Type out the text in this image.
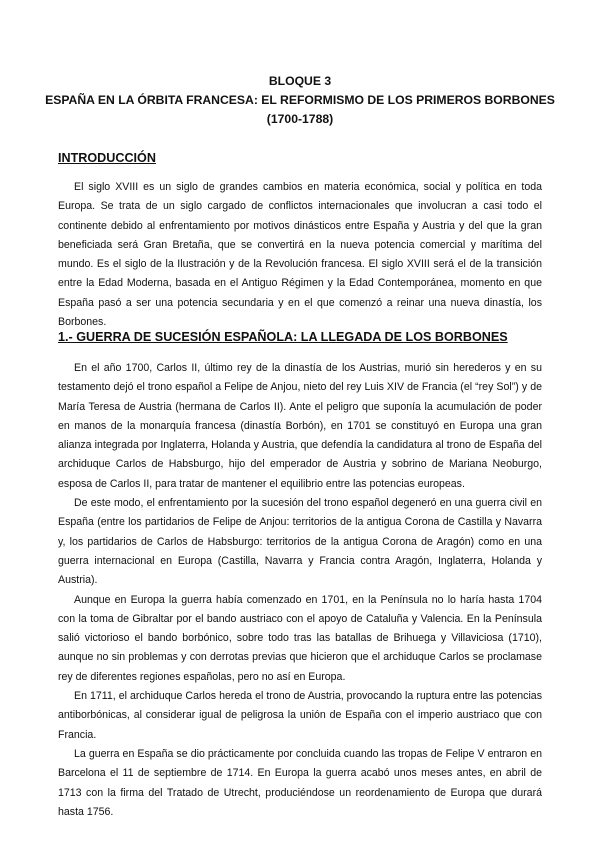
BLOQUE 3
ESPAÑA EN LA ÓRBITA FRANCESA: EL REFORMISMO DE LOS PRIMEROS BORBONES
(1700-1788)
INTRODUCCIÓN

El siglo XVIII es un siglo de grandes cambios en materia económica, social y política en toda Europa. Se trata de un siglo cargado de conflictos internacionales que involucran a casi todo el continente debido al enfrentamiento por motivos dinásticos entre España y Austria y del que la gran beneficiada será Gran Bretaña, que se convertirá en la nueva potencia comercial y marítima del mundo. Es el siglo de la Ilustración y de la Revolución francesa. El siglo XVIII será el de la transición entre la Edad Moderna, basada en el Antiguo Régimen y la Edad Contemporánea, momento en que España pasó a ser una potencia secundaria y en el que comenzó a reinar una nueva dinastía, los Borbones.

1.- GUERRA DE SUCESIÓN ESPAÑOLA: LA LLEGADA DE LOS BORBONES

En el año 1700, Carlos II, último rey de la dinastía de los Austrias, murió sin herederos y en su testamento dejó el trono español a Felipe de Anjou, nieto del rey Luis XIV de Francia (el “rey Sol”) y de María Teresa de Austria (hermana de Carlos II). Ante el peligro que suponía la acumulación de poder en manos de la monarquía francesa (dinastía Borbón), en 1701 se constituyó en Europa una gran alianza integrada por Inglaterra, Holanda y Austria, que defendía la candidatura al trono de España del archiduque Carlos de Habsburgo, hijo del emperador de Austria y sobrino de Mariana Neoburgo, esposa de Carlos II, para tratar de mantener el equilibrio entre las potencias europeas.

De este modo, el enfrentamiento por la sucesión del trono español degeneró en una guerra civil en España (entre los partidarios de Felipe de Anjou: territorios de la antigua Corona de Castilla y Navarra y, los partidarios de Carlos de Habsburgo: territorios de la antigua Corona de Aragón) como en una guerra internacional en Europa (Castilla, Navarra y Francia contra Aragón, Inglaterra, Holanda y Austria).

Aunque en Europa la guerra había comenzado en 1701, en la Península no lo haría hasta 1704 con la toma de Gibraltar por el bando austriaco con el apoyo de Cataluña y Valencia. En la Península salió victorioso el bando borbónico, sobre todo tras las batallas de Brihuega y Villaviciosa (1710), aunque no sin problemas y con derrotas previas que hicieron que el archiduque Carlos se proclamase rey de diferentes regiones españolas, pero no así en Europa.

En 1711, el archiduque Carlos hereda el trono de Austria, provocando la ruptura entre las potencias antiborbónicas, al considerar igual de peligrosa la unión de España con el imperio austriaco que con Francia.

La guerra en España se dio prácticamente por concluida cuando las tropas de Felipe V entraron en Barcelona el 11 de septiembre de 1714. En Europa la guerra acabó unos meses antes, en abril de 1713 con la firma del Tratado de Utrecht, produciéndose un reordenamiento de Europa que durará hasta 1756.
